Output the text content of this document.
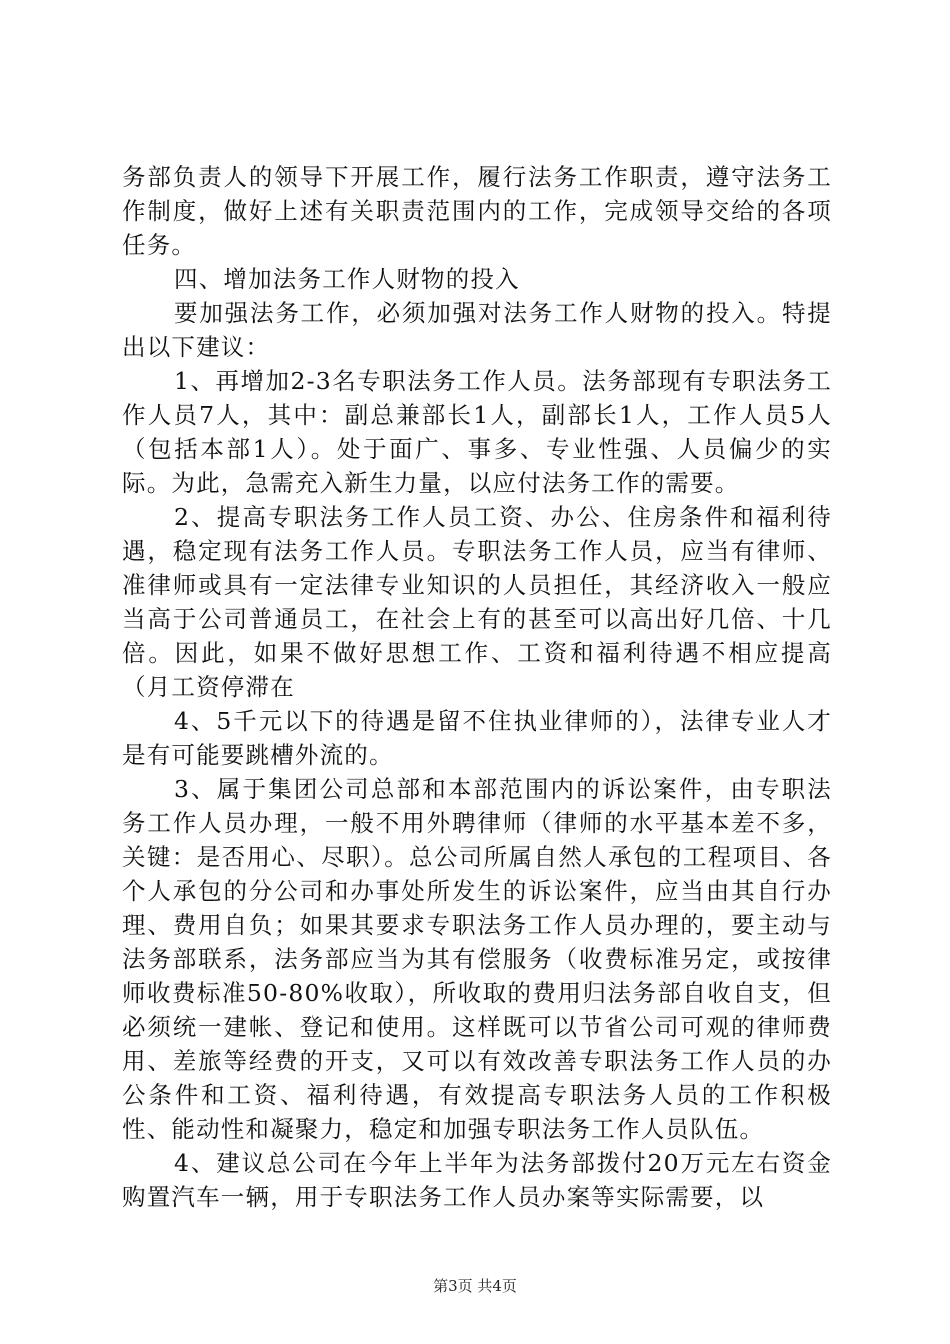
务部负责人的领导下开展工作，履行法务工作职责，遵守法务工作制度，做好上述有关职责范围内的工作，完成领导交给的各项任务。

四、增加法务工作人财物的投入

要加强法务工作，必须加强对法务工作人财物的投入。特提出以下建议：

1、再增加2-3名专职法务工作人员。法务部现有专职法务工作人员7人，其中：副总兼部长1人，副部长1人，工作人员5人（包括本部1人）。处于面广、事多、专业性强、人员偏少的实际。为此，急需充入新生力量，以应付法务工作的需要。

2、提高专职法务工作人员工资、办公、住房条件和福利待遇，稳定现有法务工作人员。专职法务工作人员，应当有律师、准律师或具有一定法律专业知识的人员担任，其经济收入一般应当高于公司普通员工，在社会上有的甚至可以高出好几倍、十几倍。因此，如果不做好思想工作、工资和福利待遇不相应提高（月工资停滞在

4、5千元以下的待遇是留不住执业律师的），法律专业人才是有可能要跳槽外流的。

3、属于集团公司总部和本部范围内的诉讼案件，由专职法务工作人员办理，一般不用外聘律师（律师的水平基本差不多，关键：是否用心、尽职）。总公司所属自然人承包的工程项目、各个人承包的分公司和办事处所发生的诉讼案件，应当由其自行办理、费用自负；如果其要求专职法务工作人员办理的，要主动与法务部联系，法务部应当为其有偿服务（收费标准另定，或按律师收费标准50-80%收取），所收取的费用归法务部自收自支，但必须统一建帐、登记和使用。这样既可以节省公司可观的律师费用、差旅等经费的开支，又可以有效改善专职法务工作人员的办公条件和工资、福利待遇，有效提高专职法务人员的工作积极性、能动性和凝聚力，稳定和加强专职法务工作人员队伍。

4、建议总公司在今年上半年为法务部拨付20万元左右资金购置汽车一辆，用于专职法务工作人员办案等实际需要，以

第3页 共4页
